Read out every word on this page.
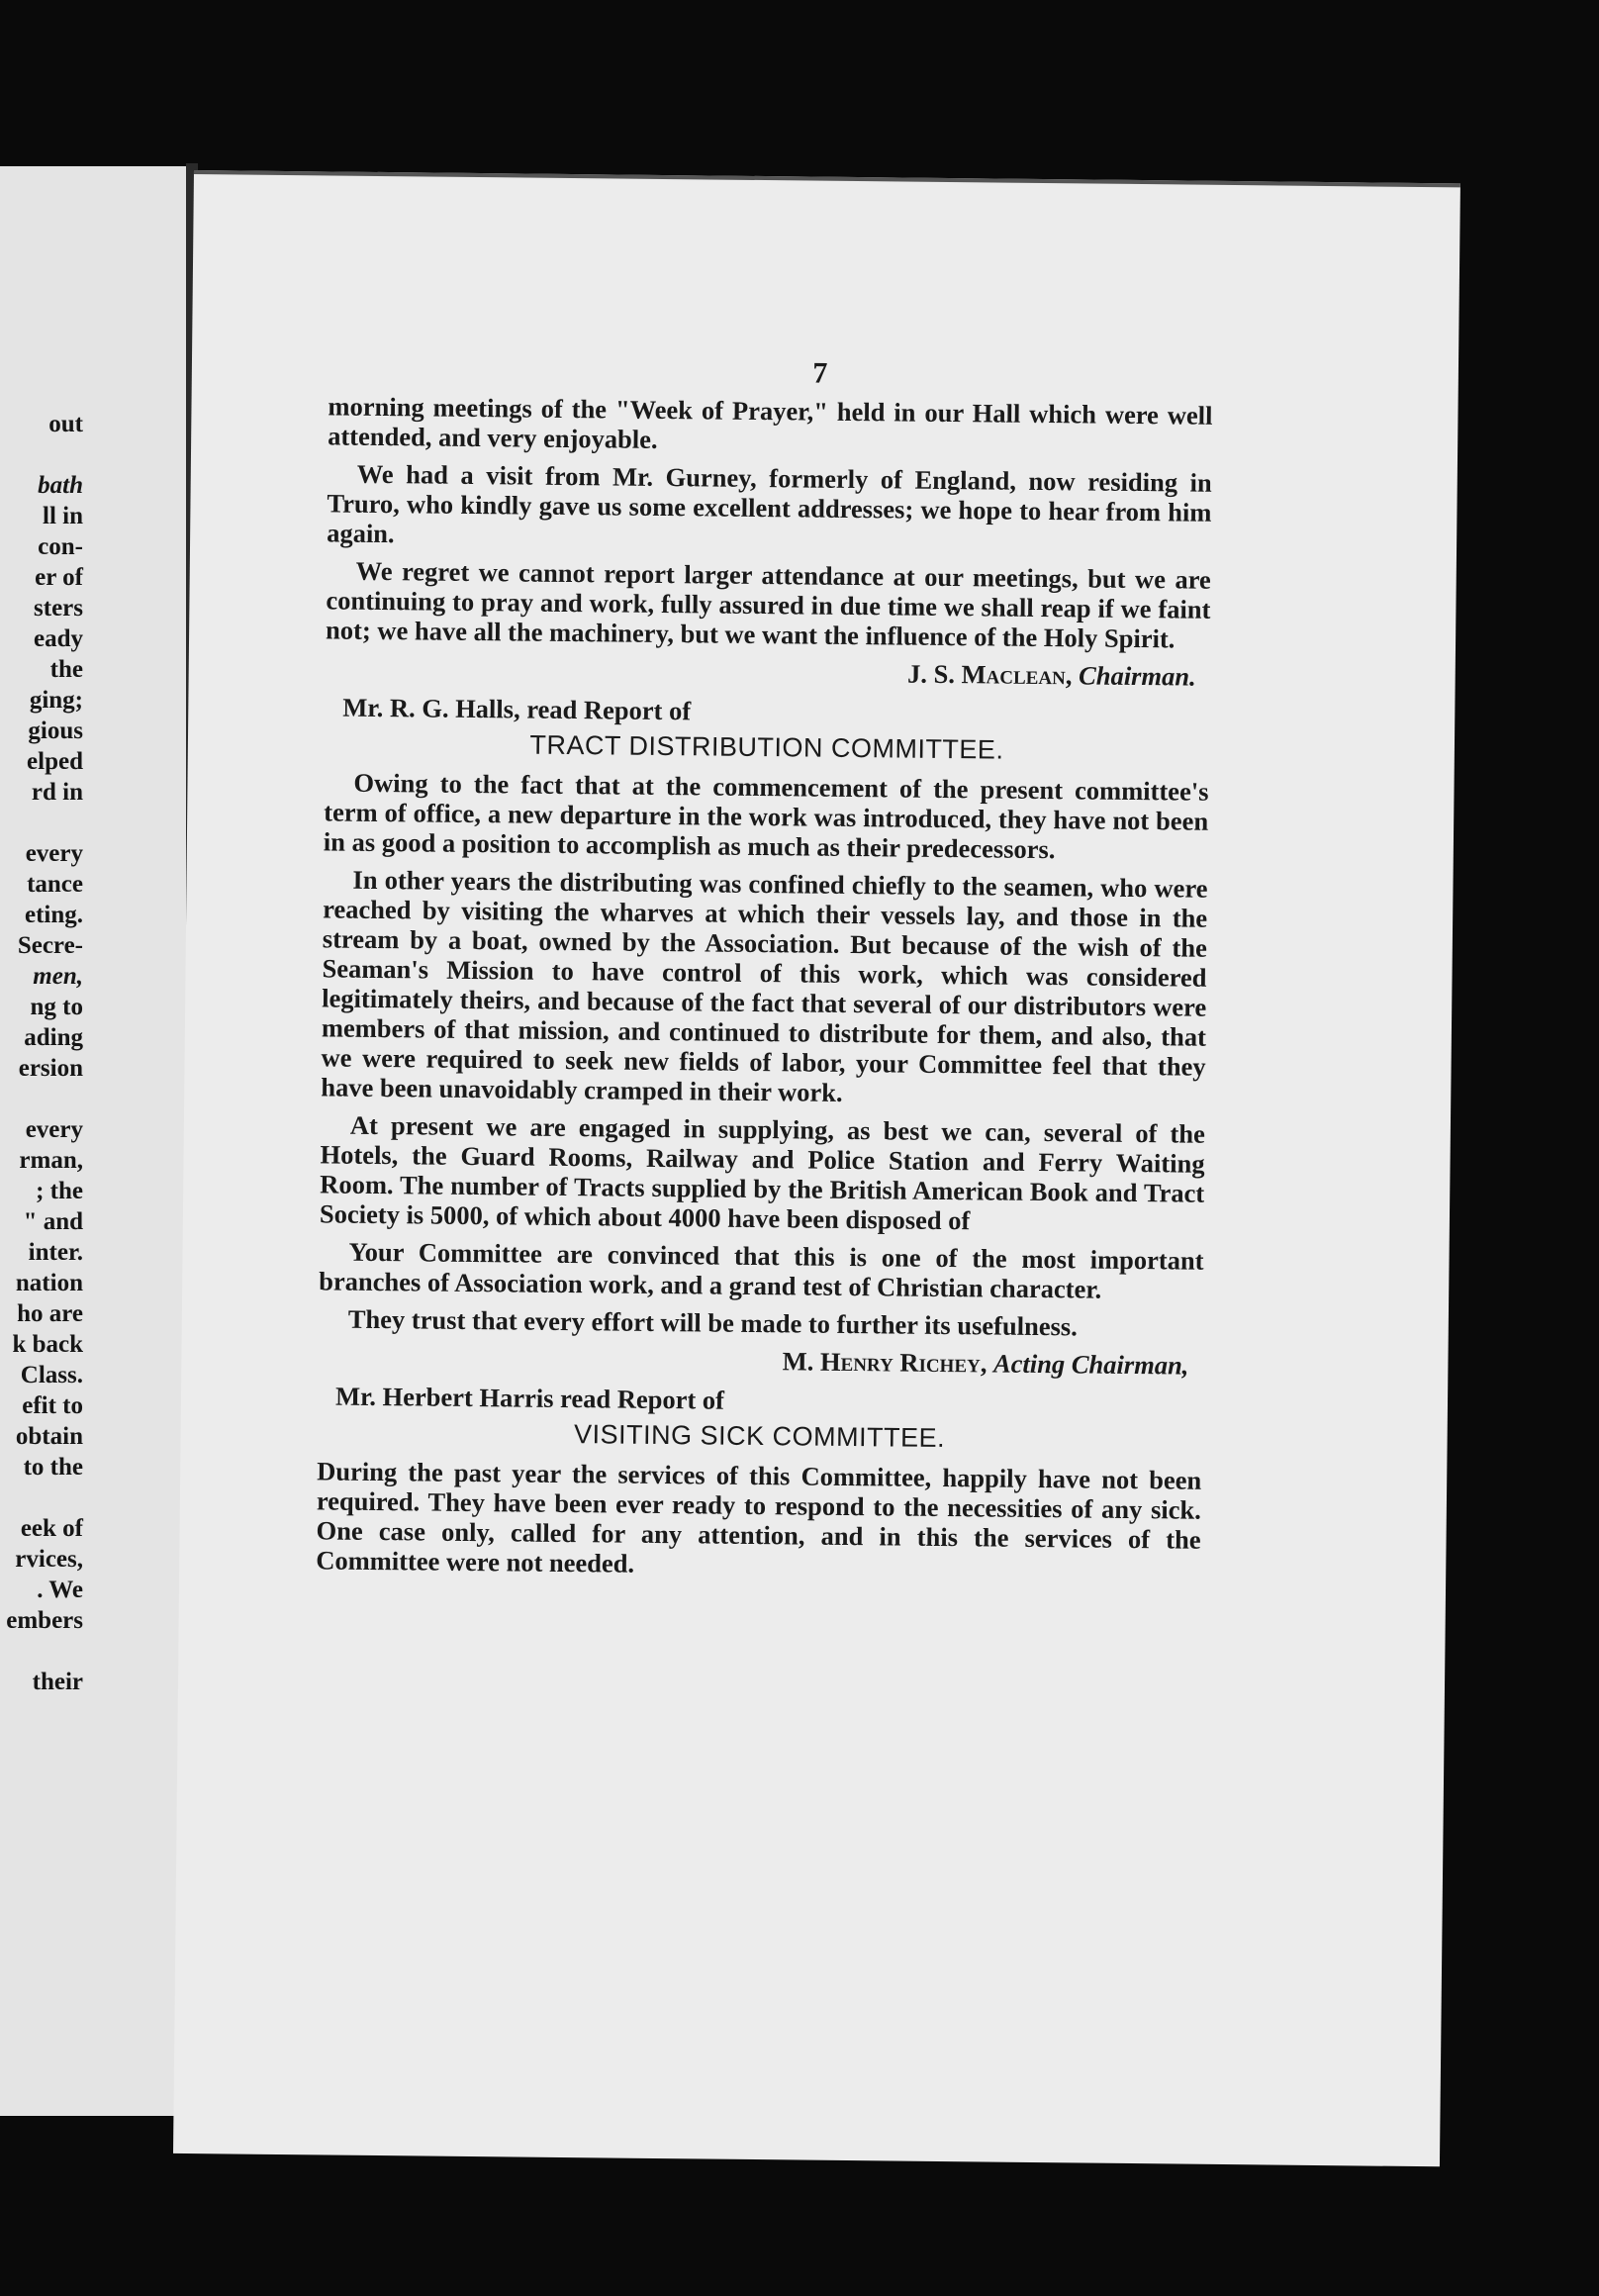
out
bath
ll in
con-
er of
sters
eady
the
ging;
gious
elped
rd in
every
tance
eting.
Secre-
men,
ng to
ading
ersion
every
rman,
; the
" and
inter.
nation
ho are
k back
Class.
efit to
obtain
to the
eek of
rvices,
. We
embers
their
7

morning meetings of the "Week of Prayer," held in our Hall which were well attended, and very enjoyable.

We had a visit from Mr. Gurney, formerly of England, now residing in Truro, who kindly gave us some excellent addresses; we hope to hear from him again.

We regret we cannot report larger attendance at our meetings, but we are continuing to pray and work, fully assured in due time we shall reap if we faint not; we have all the machinery, but we want the influence of the Holy Spirit.

J. S. Maclean, Chairman.
Mr. R. G. Halls, read Report of
TRACT DISTRIBUTION COMMITTEE.

Owing to the fact that at the commencement of the present committee's term of office, a new departure in the work was introduced, they have not been in as good a position to accomplish as much as their predecessors.

In other years the distributing was confined chiefly to the seamen, who were reached by visiting the wharves at which their vessels lay, and those in the stream by a boat, owned by the Association. But because of the wish of the Seaman's Mission to have control of this work, which was considered legitimately theirs, and because of the fact that several of our distributors were members of that mission, and continued to distribute for them, and also, that we were required to seek new fields of labor, your Committee feel that they have been unavoidably cramped in their work.

At present we are engaged in supplying, as best we can, several of the Hotels, the Guard Rooms, Railway and Police Station and Ferry Waiting Room. The number of Tracts supplied by the British American Book and Tract Society is 5000, of which about 4000 have been disposed of

Your Committee are convinced that this is one of the most important branches of Association work, and a grand test of Christian character.

They trust that every effort will be made to further its usefulness.

M. Henry Richey, Acting Chairman,
Mr. Herbert Harris read Report of
VISITING SICK COMMITTEE.

During the past year the services of this Committee, happily have not been required. They have been ever ready to respond to the necessities of any sick. One case only, called for any attention, and in this the services of the Committee were not needed.
